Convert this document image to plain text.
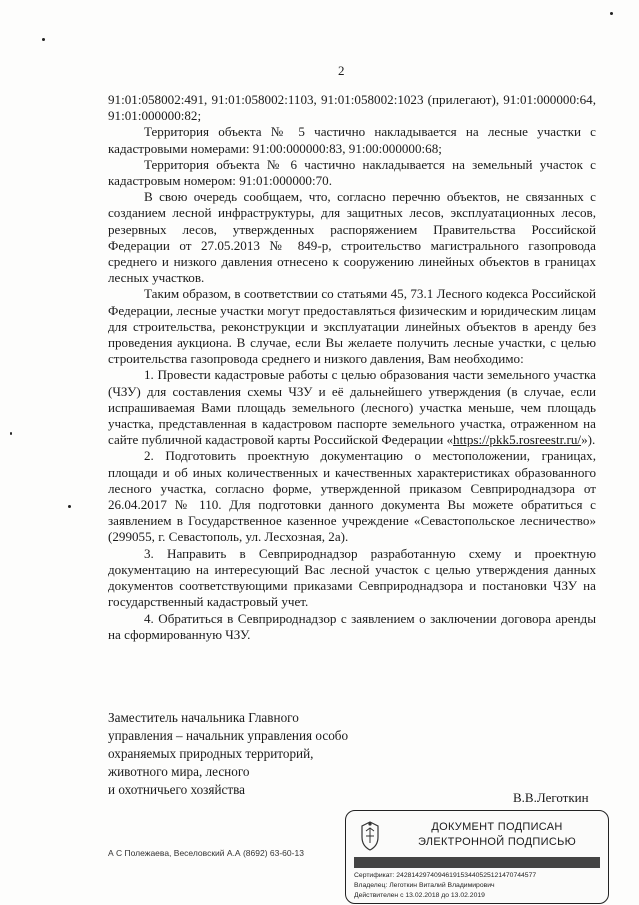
2

91:01:058002:491, 91:01:058002:1103, 91:01:058002:1023 (прилегают), 91:01:000000:64, 91:01:000000:82;

Территория объекта № 5 частично накладывается на лесные участки с кадастровыми номерами: 91:00:000000:83, 91:00:000000:68;

Территория объекта № 6 частично накладывается на земельный участок с кадастровым номером: 91:01:000000:70.

В свою очередь сообщаем, что, согласно перечню объектов, не связанных с созданием лесной инфраструктуры, для защитных лесов, эксплуатационных лесов, резервных лесов, утвержденных распоряжением Правительства Российской Федерации от 27.05.2013 № 849-р, строительство магистрального газопровода среднего и низкого давления отнесено к сооружению линейных объектов в границах лесных участков.

Таким образом, в соответствии со статьями 45, 73.1 Лесного кодекса Российской Федерации, лесные участки могут предоставляться физическим и юридическим лицам для строительства, реконструкции и эксплуатации линейных объектов в аренду без проведения аукциона. В случае, если Вы желаете получить лесные участки, с целью строительства газопровода среднего и низкого давления, Вам необходимо:

1. Провести кадастровые работы с целью образования части земельного участка (ЧЗУ) для составления схемы ЧЗУ и её дальнейшего утверждения (в случае, если испрашиваемая Вами площадь земельного (лесного) участка меньше, чем площадь участка, представленная в кадастровом паспорте земельного участка, отраженном на сайте публичной кадастровой карты Российской Федерации «https://pkk5.rosreestr.ru/»).

2. Подготовить проектную документацию о местоположении, границах, площади и об иных количественных и качественных характеристиках образованного лесного участка, согласно форме, утвержденной приказом Севприроднадзора от 26.04.2017 № 110. Для подготовки данного документа Вы можете обратиться с заявлением в Государственное казенное учреждение «Севастопольское лесничество» (299055, г. Севастополь, ул. Лесхозная, 2а).

3. Направить в Севприроднадзор разработанную схему и проектную документацию на интересующий Вас лесной участок с целью утверждения данных документов соответствующими приказами Севприроднадзора и постановки ЧЗУ на государственный кадастровый учет.

4. Обратиться в Севприроднадзор с заявлением о заключении договора аренды на сформированную ЧЗУ.

Заместитель начальника Главного
управления – начальник управления особо
охраняемых природных территорий,
животного мира, лесного
и охотничьего хозяйства
В.В.Леготкин
А С Полежаева, Веселовский А.А (8692) 63-60-13
ДОКУМЕНТ ПОДПИСАН
ЭЛЕКТРОННОЙ ПОДПИСЬЮ
Сертификат: 2428142974094619153440525121470744577
Владелец: Леготкин Виталий Владимирович
Действителен с 13.02.2018 до 13.02.2019
